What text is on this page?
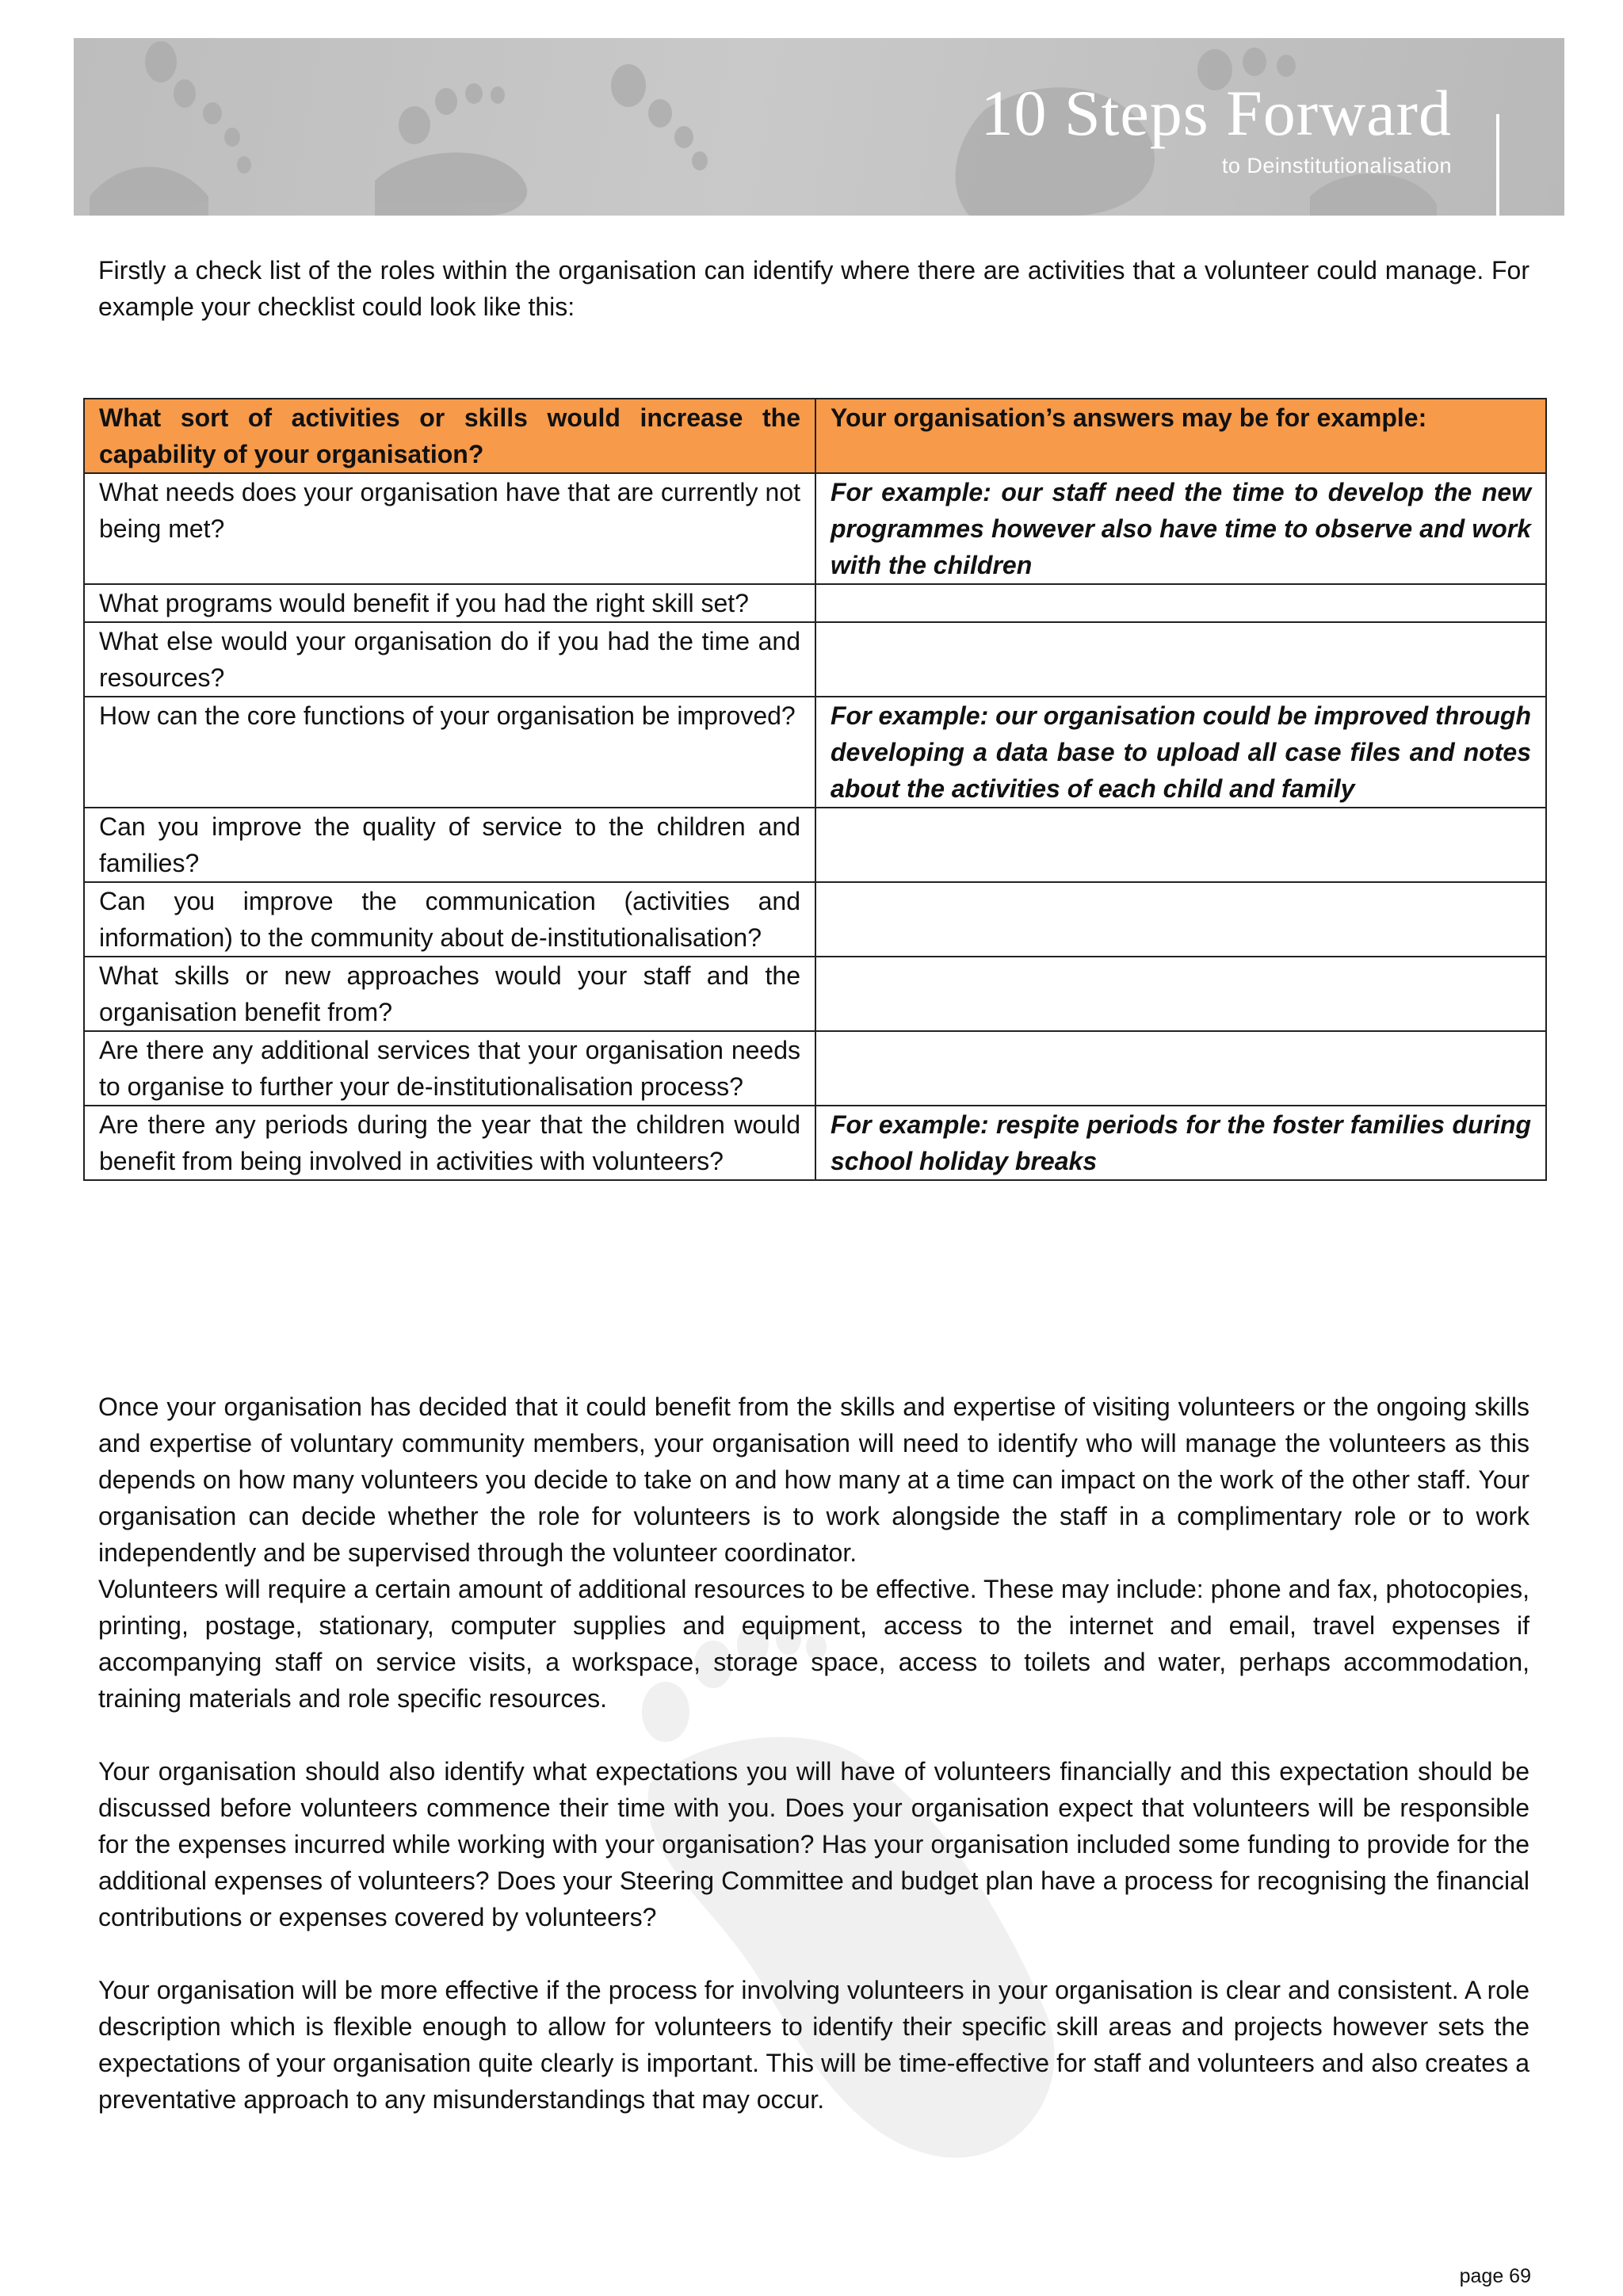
10 Steps Forward
to Deinstitutionalisation

Firstly a check list of the roles within the organisation can identify where there are activities that a volunteer could manage. For example your checklist could look like this:

What sort of activities or skills would increase the capability of your organisation?	Your organisation’s answers may be for example:
What needs does your organisation have that are currently not being met?	For example: our staff need the time to develop the new programmes however also have time to observe and work with the children
What programs would benefit if you had the right skill set?	
What else would your organisation do if you had the time and resources?	
How can the core functions of your organisation be improved?	For example: our organisation could be improved through developing a data base to upload all case files and notes about the activities of each child and family
Can you improve the quality of service to the children and families?	
Can you improve the communication (activities and information) to the community about de-institutionalisation?	
What skills or new approaches would your staff and the organisation benefit from?	
Are there any additional services that your organisation needs to organise to further your de-institutionalisation process?	
Are there any periods during the year that the children would benefit from being involved in activities with volunteers?	For example: respite periods for the foster families during school holiday breaks

Once your organisation has decided that it could benefit from the skills and expertise of visiting volunteers or the ongoing skills and expertise of voluntary community members, your organisation will need to identify who will manage the volunteers as this depends on how many volunteers you decide to take on and how many at a time can impact on the work of the other staff. Your organisation can decide whether the role for volunteers is to work alongside the staff in a complimentary role or to work independently and be supervised through the volunteer coordinator.
Volunteers will require a certain amount of additional resources to be effective. These may include: phone and fax, photocopies, printing, postage, stationary, computer supplies and equipment, access to the internet and email, travel expenses if accompanying staff on service visits, a workspace, storage space, access to toilets and water, perhaps accommodation, training materials and role specific resources.

Your organisation should also identify what expectations you will have of volunteers financially and this expectation should be discussed before volunteers commence their time with you. Does your organisation expect that volunteers will be responsible for the expenses incurred while working with your organisation? Has your organisation included some funding to provide for the additional expenses of volunteers? Does your Steering Committee and budget plan have a process for recognising the financial contributions or expenses covered by volunteers?

Your organisation will be more effective if the process for involving volunteers in your organisation is clear and consistent. A role description which is flexible enough to allow for volunteers to identify their specific skill areas and projects however sets the expectations of your organisation quite clearly is important. This will be time-effective for staff and volunteers and also creates a preventative approach to any misunderstandings that may occur.

page 69
